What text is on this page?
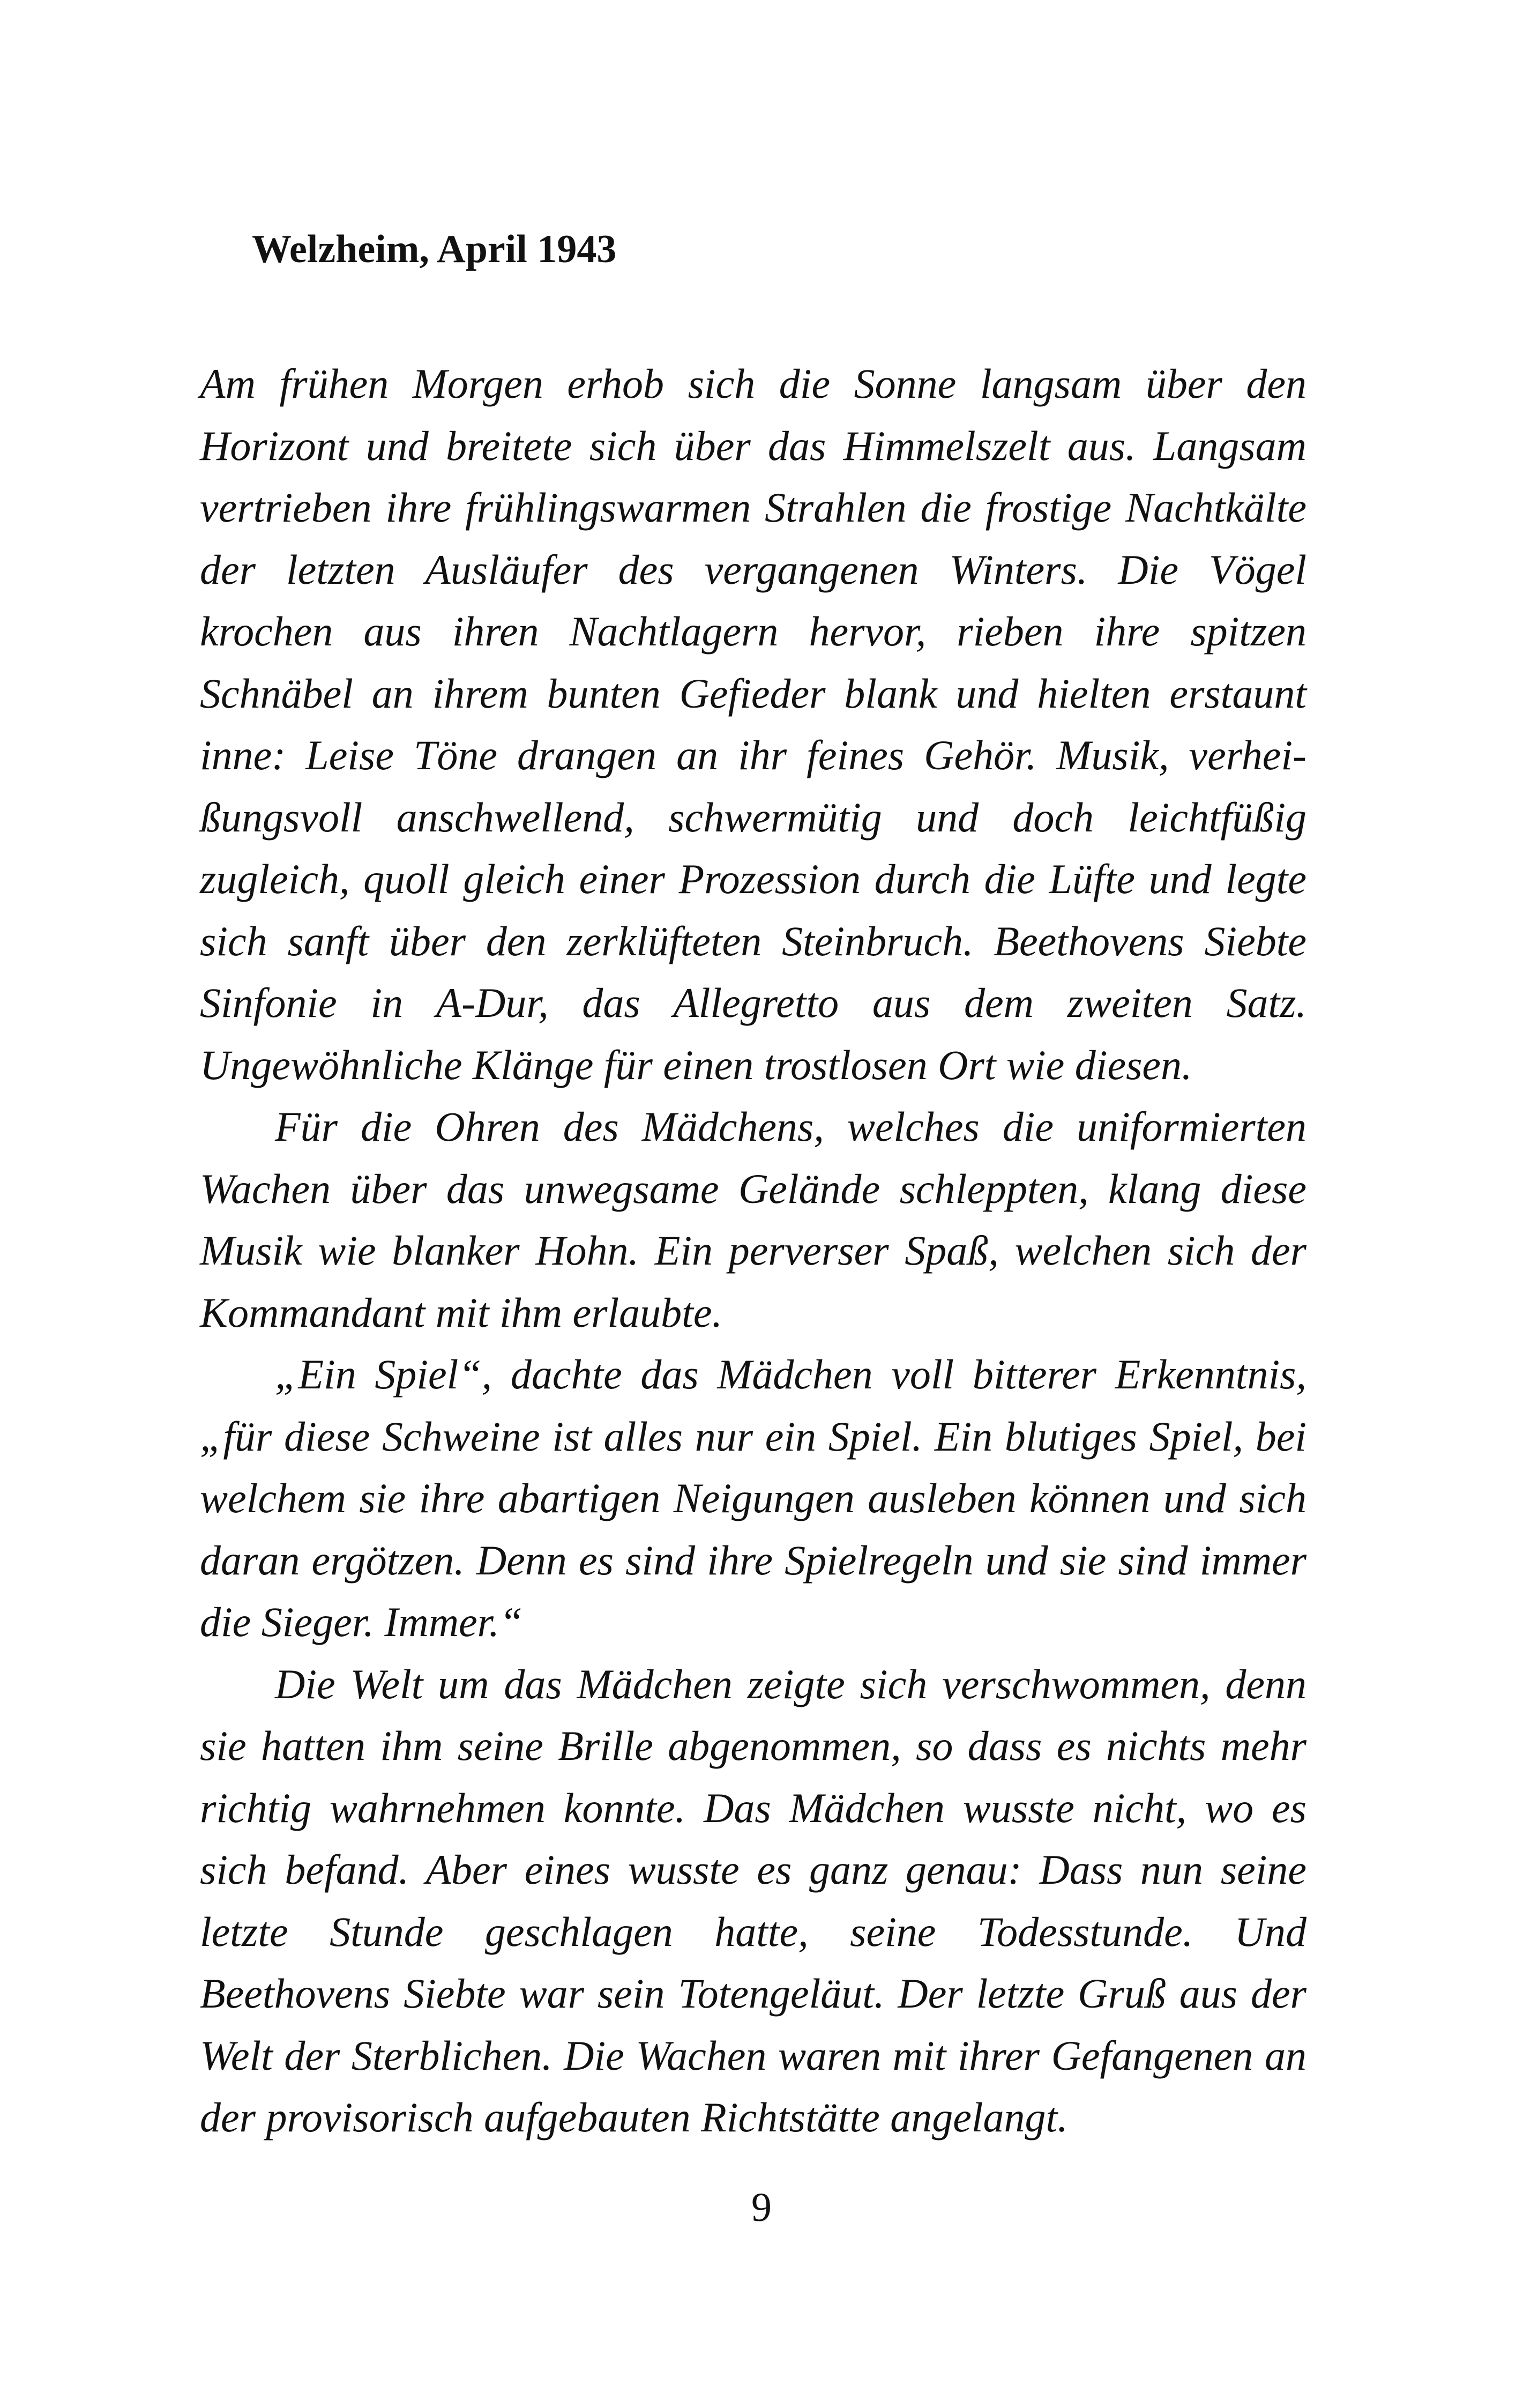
Welzheim, April 1943

Am frühen Morgen erhob sich die Sonne langsam über den Horizont und breitete sich über das Himmelszelt aus. Langsam vertrieben ihre frühlingswarmen Strahlen die frostige Nachtkälte der letzten Ausläufer des vergangenen Winters. Die Vögel krochen aus ihren Nachtlagern hervor, rieben ihre spitzen Schnäbel an ihrem bunten Gefieder blank und hielten erstaunt inne: Leise Töne drangen an ihr feines Gehör. Musik, verheißungsvoll anschwellend, schwermütig und doch leichtfüßig zugleich, quoll gleich einer Prozession durch die Lüfte und legte sich sanft über den zerklüfteten Steinbruch. Beethovens Siebte Sinfonie in A-Dur, das Allegretto aus dem zweiten Satz. Ungewöhnliche Klänge für einen trostlosen Ort wie diesen.

Für die Ohren des Mädchens, welches die uniformierten Wachen über das unwegsame Gelände schleppten, klang diese Musik wie blanker Hohn. Ein perverser Spaß, welchen sich der Kommandant mit ihm erlaubte.

„Ein Spiel“, dachte das Mädchen voll bitterer Erkenntnis, „für diese Schweine ist alles nur ein Spiel. Ein blutiges Spiel, bei welchem sie ihre abartigen Neigungen ausleben können und sich daran ergötzen. Denn es sind ihre Spielregeln und sie sind immer die Sieger. Immer.“

Die Welt um das Mädchen zeigte sich verschwommen, denn sie hatten ihm seine Brille abgenommen, so dass es nichts mehr richtig wahrnehmen konnte. Das Mädchen wusste nicht, wo es sich befand. Aber eines wusste es ganz genau: Dass nun seine letzte Stunde geschlagen hatte, seine Todesstunde. Und Beethovens Siebte war sein Totengeläut. Der letzte Gruß aus der Welt der Sterblichen. Die Wachen waren mit ihrer Gefangenen an der provisorisch aufgebauten Richtstätte angelangt.

9
